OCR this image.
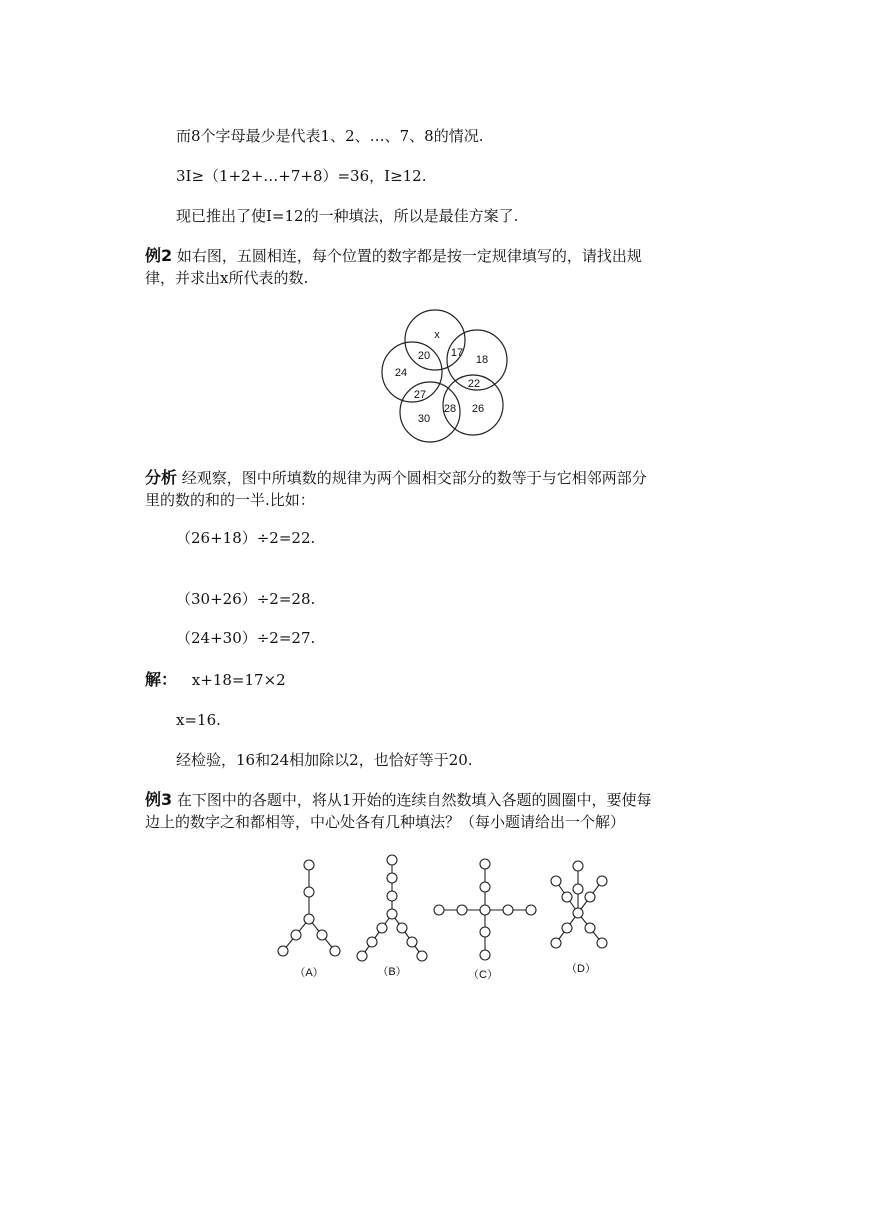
而8个字母最少是代表1、2、…、7、8的情况.
3I≥（1+2+…+7+8）=36，I≥12.
现已推出了使I=12的一种填法，所以是最佳方案了.
例2 如右图，五圆相连，每个位置的数字都是按一定规律填写的，请找出规
律，并求出x所代表的数.
x
17
18
20
24
22
27
28 26
30
分析 经观察，图中所填数的规律为两个圆相交部分的数等于与它相邻两部分
里的数的和的一半.比如：
（26+18）÷2=22.
（30+26）÷2=28.
（24+30）÷2=27.
解： x+18=17×2
x=16.
经检验，16和24相加除以2，也恰好等于20.
例3 在下图中的各题中，将从1开始的连续自然数填入各题的圆圈中，要使每
边上的数字之和都相等，中心处各有几种填法？（每小题请给出一个解）
（A）	（B）	（C）	（D）
